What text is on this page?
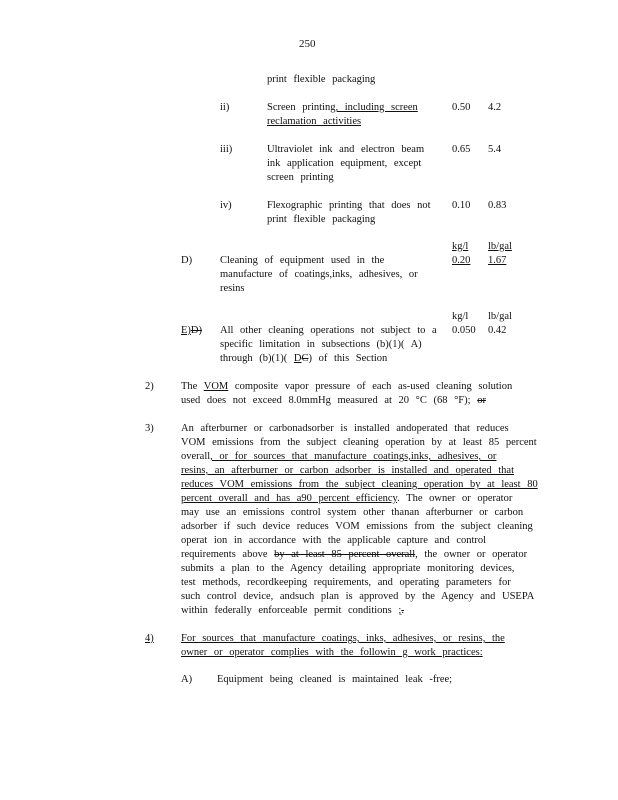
250
print flexible packaging
ii)	Screen printing, including screen
reclamation activities
0.50 4.2
iii)	Ultraviolet ink and electron beam
ink application equipment, except
screen printing
0.65 5.4
iv)	Flexographic printing that does not
print flexible packaging
0.10 0.83
kg/l lb/gal
D)	Cleaning of equipment used in the
manufacture of coatings,inks, adhesives, or
resins
0.20 1.67
kg/l lb/gal
E)D) All other cleaning operations not subject to a
specific limitation in subsections (b)(1)( A)
through (b)(1)( DC) of this Section
0.050 0.42
2)	The VOM composite vapor pressure of each as-used cleaning solution
used does not exceed 8.0mmHg measured at 20 °C (68 °F); or
3)	An afterburner or carbonadsorber is installed andoperated that reduces
VOM emissions from the subject cleaning operation by at least 85 percent
overall, or for sources that manufacture coatings,inks, adhesives, or
resins, an afterburner or carbon adsorber is installed and operated that
reduces VOM emissions from the subject cleaning operation by at least 80
percent overall and has a90 percent efficiency. The owner or operator
may use an emissions control system other thanan afterburner or carbon
adsorber if such device reduces VOM emissions from the subject cleaning
operat ion in accordance with the applicable capture and control
requirements above by at least 85 percent overall, the owner or operator
submits a plan to the Agency detailing appropriate monitoring devices,
test methods, recordkeeping requirements, and operating parameters for
such control device, andsuch plan is approved by the Agency and USEPA
within federally enforceable permit conditions ;.
4)	For sources that manufacture coatings, inks, adhesives, or resins, the
owner or operator complies with the followin g work practices:
A) Equipment being cleaned is maintained leak -free;
